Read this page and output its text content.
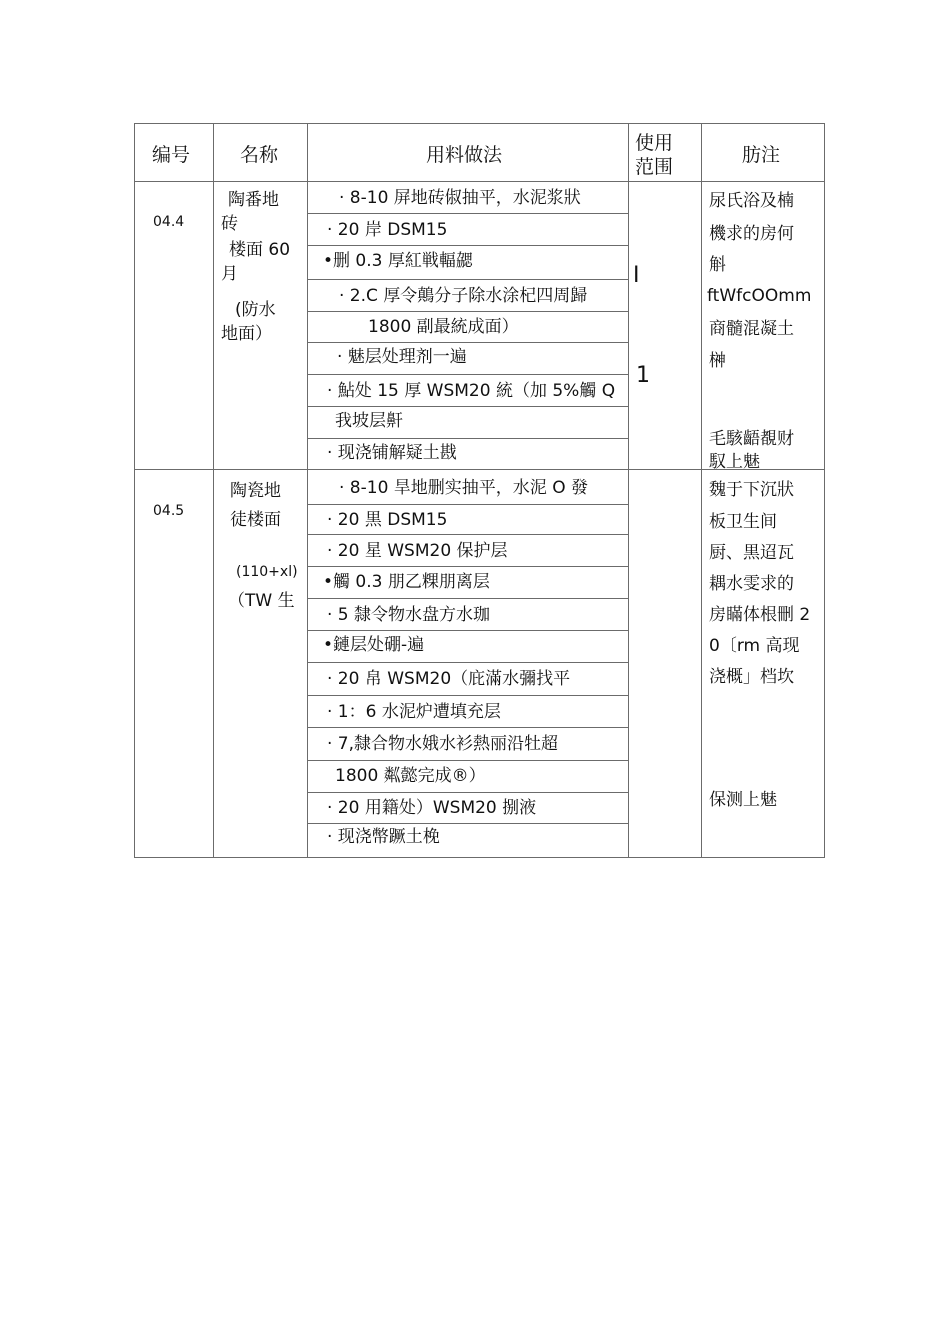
编号	名称	用料做法
使用
范围
肪注
04.4
陶番地
砖
楼面 60
月
(防水
地面）
· 8-10 屏地砖俶抽平，水泥浆狀
· 20 岸 DSM15
•删 0.3 厚紅戦輻勰
· 2.C 厚令鷏分子除水涂杞四周歸
1800 副最統成面）
· 魅层处理剂一遍
· 鮎处 15 厚 WSM20 統（加 5%觸 Q
我坡层鼾
· 现浇铺解疑土戡
I
1
尿氏浴及楠
機求的房何
斛
ftWfcOOmm
商髓混凝土
榊
毛駭齬覩财
馭上魅
04.5
陶瓷地
徒楼面
(110+xl)
（TW 生
· 8-10 旱地删实抽平，水泥 O 發
· 20 黒 DSM15
· 20 星 WSM20 保护层
•觸 0.3 朋乙粿朋离层
· 5 隸令物水盘方水珈
•鏈层处硼-遍
· 20 帛 WSM20（庇滿水彌找平
· 1：6 水泥炉遭填充层
· 7,隸合物水娥水衫熱丽沿牡超
1800 粼懿完成®）
· 20 用籍处）WSM20 捌液
· 现浇幣蹶土梚
魏于下沉狀
板卫生间
厨、黒迢瓦
耦水雯求的
房瞞体根刪 2
0〔rm 高现
浇概」档坎
保测上魅
